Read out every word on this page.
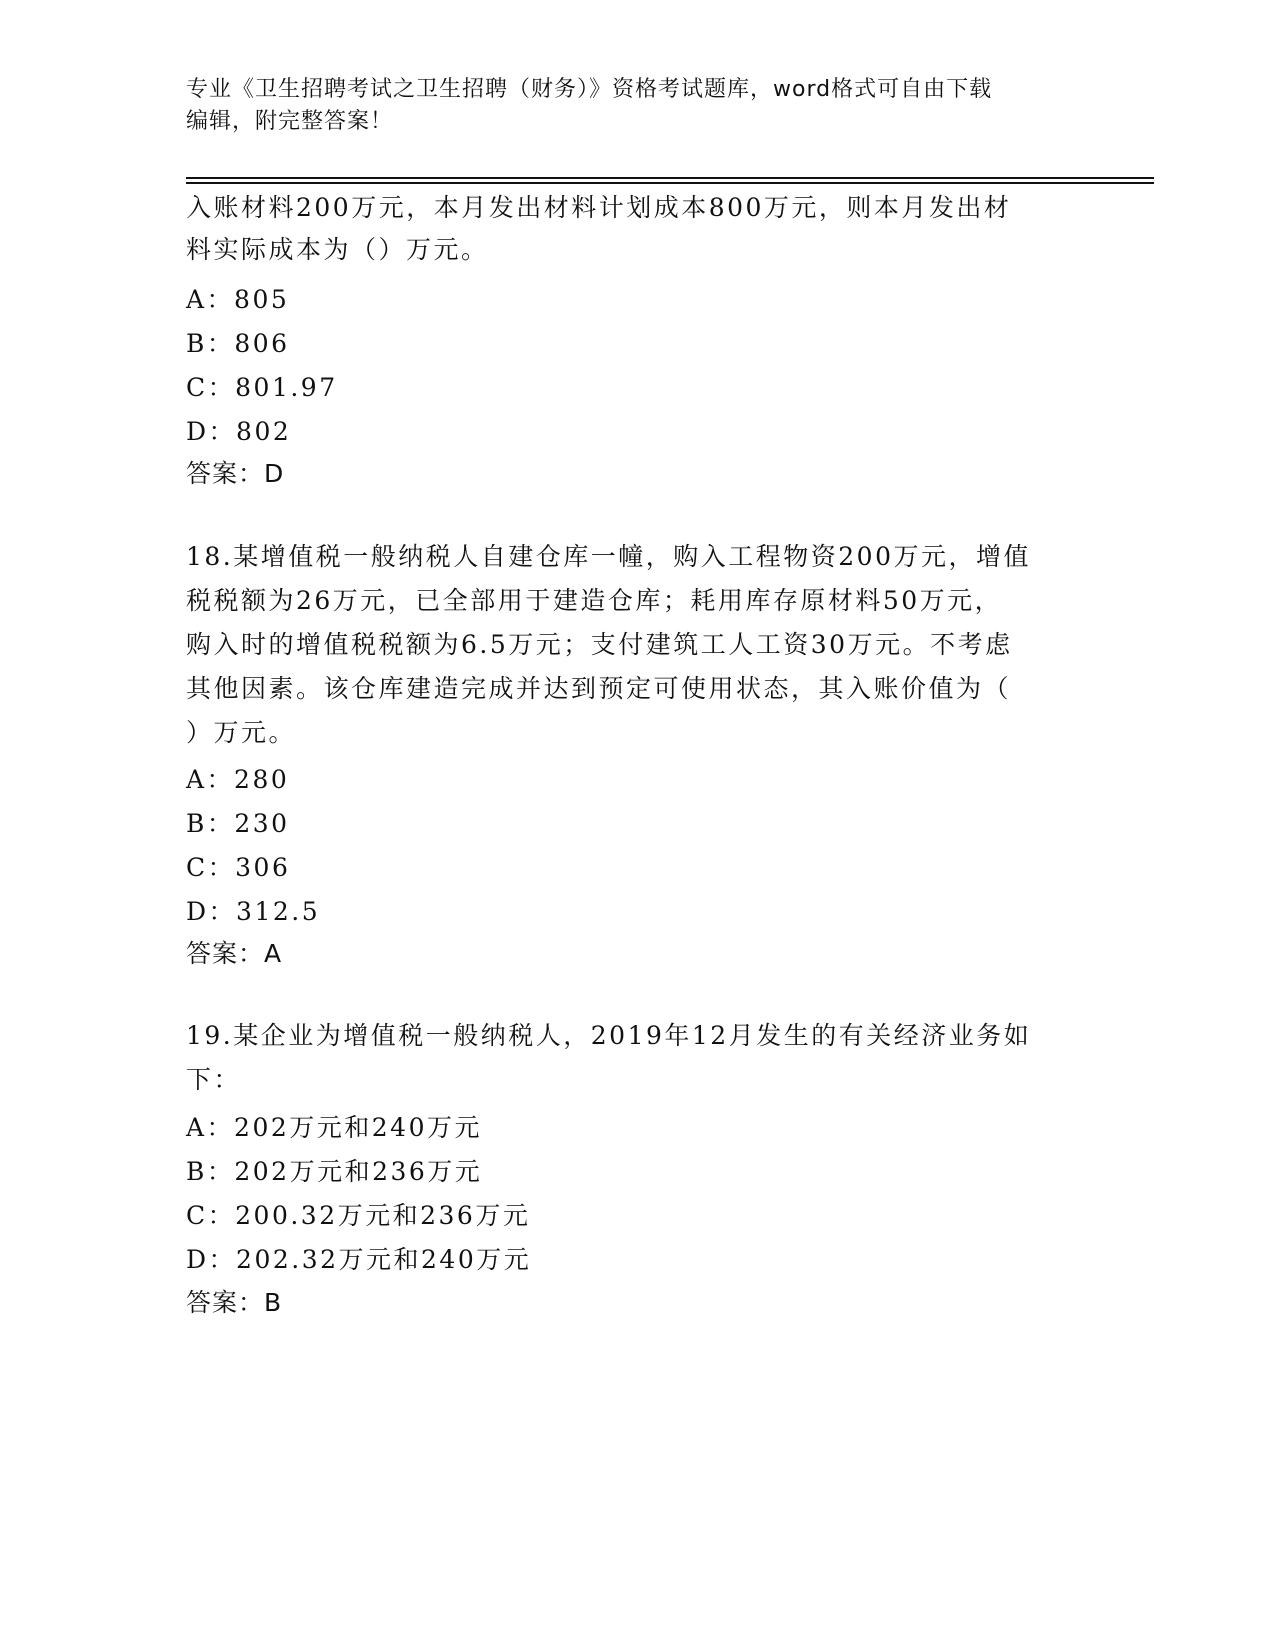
专业《卫生招聘考试之卫生招聘（财务）》资格考试题库，word格式可自由下载
编辑，附完整答案！
入账材料200万元，本月发出材料计划成本800万元，则本月发出材
料实际成本为（）万元。
A：805
B：806
C：801.97
D：802
答案：D
18.某增值税一般纳税人自建仓库一幢，购入工程物资200万元，增值
税税额为26万元，已全部用于建造仓库；耗用库存原材料50万元，
购入时的增值税税额为6.5万元；支付建筑工人工资30万元。不考虑
其他因素。该仓库建造完成并达到预定可使用状态，其入账价值为（
）万元。
A：280
B：230
C：306
D：312.5
答案：A
19.某企业为增值税一般纳税人，2019年12月发生的有关经济业务如
下：
A：202万元和240万元
B：202万元和236万元
C：200.32万元和236万元
D：202.32万元和240万元
答案：B
